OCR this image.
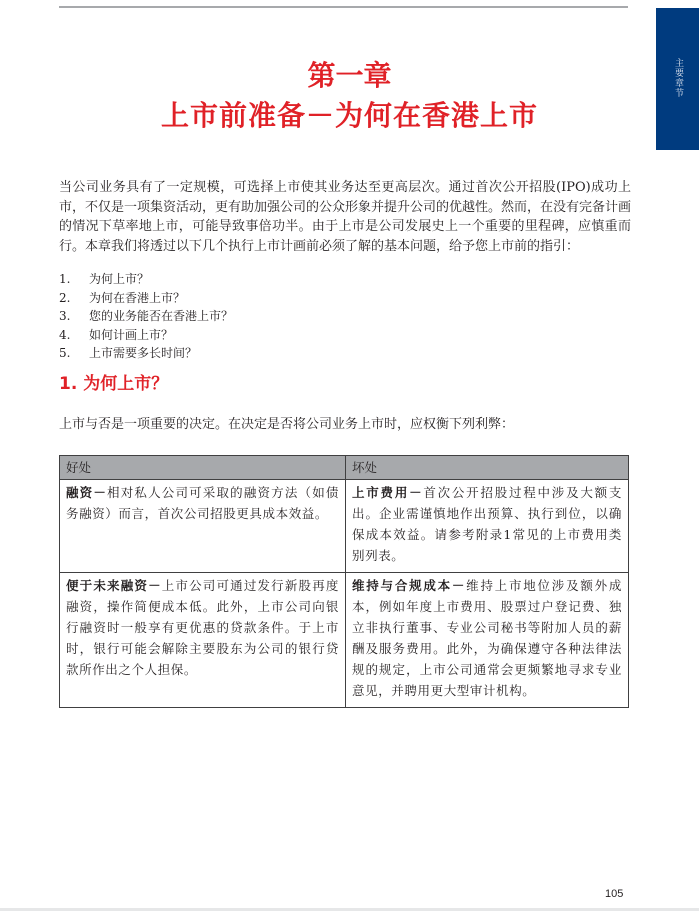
主要章节
第一章
上市前准备－为何在香港上市

当公司业务具有了一定规模，可选择上市使其业务达至更高层次。通过首次公开招股(IPO)成功上市，不仅是一项集资活动，更有助加强公司的公众形象并提升公司的优越性。然而，在没有完备计画的情况下草率地上市，可能导致事倍功半。由于上市是公司发展史上一个重要的里程碑，应慎重而行。本章我们将透过以下几个执行上市计画前必须了解的基本问题，给予您上市前的指引：

1.	为何上市？
2.	为何在香港上市？
3.	您的业务能否在香港上市？
4.	如何计画上市？
5.	上市需要多长时间？
1. 为何上市？

上市与否是一项重要的决定。在决定是否将公司业务上市时，应权衡下列利弊：

好处	坏处
融资－相对私人公司可采取的融资方法（如债务融资）而言，首次公司招股更具成本效益。	上市费用－首次公开招股过程中涉及大额支出。企业需谨慎地作出预算、执行到位，以确保成本效益。请参考附录1常见的上市费用类别列表。
便于未来融资－上市公司可通过发行新股再度融资，操作简便成本低。此外，上市公司向银行融资时一般享有更优惠的贷款条件。于上市时，银行可能会解除主要股东为公司的银行贷款所作出之个人担保。	维持与合规成本－维持上市地位涉及额外成本，例如年度上市费用、股票过户登记费、独立非执行董事、专业公司秘书等附加人员的薪酬及服务费用。此外，为确保遵守各种法律法规的规定，上市公司通常会更频繁地寻求专业意见，并聘用更大型审计机构。
105
